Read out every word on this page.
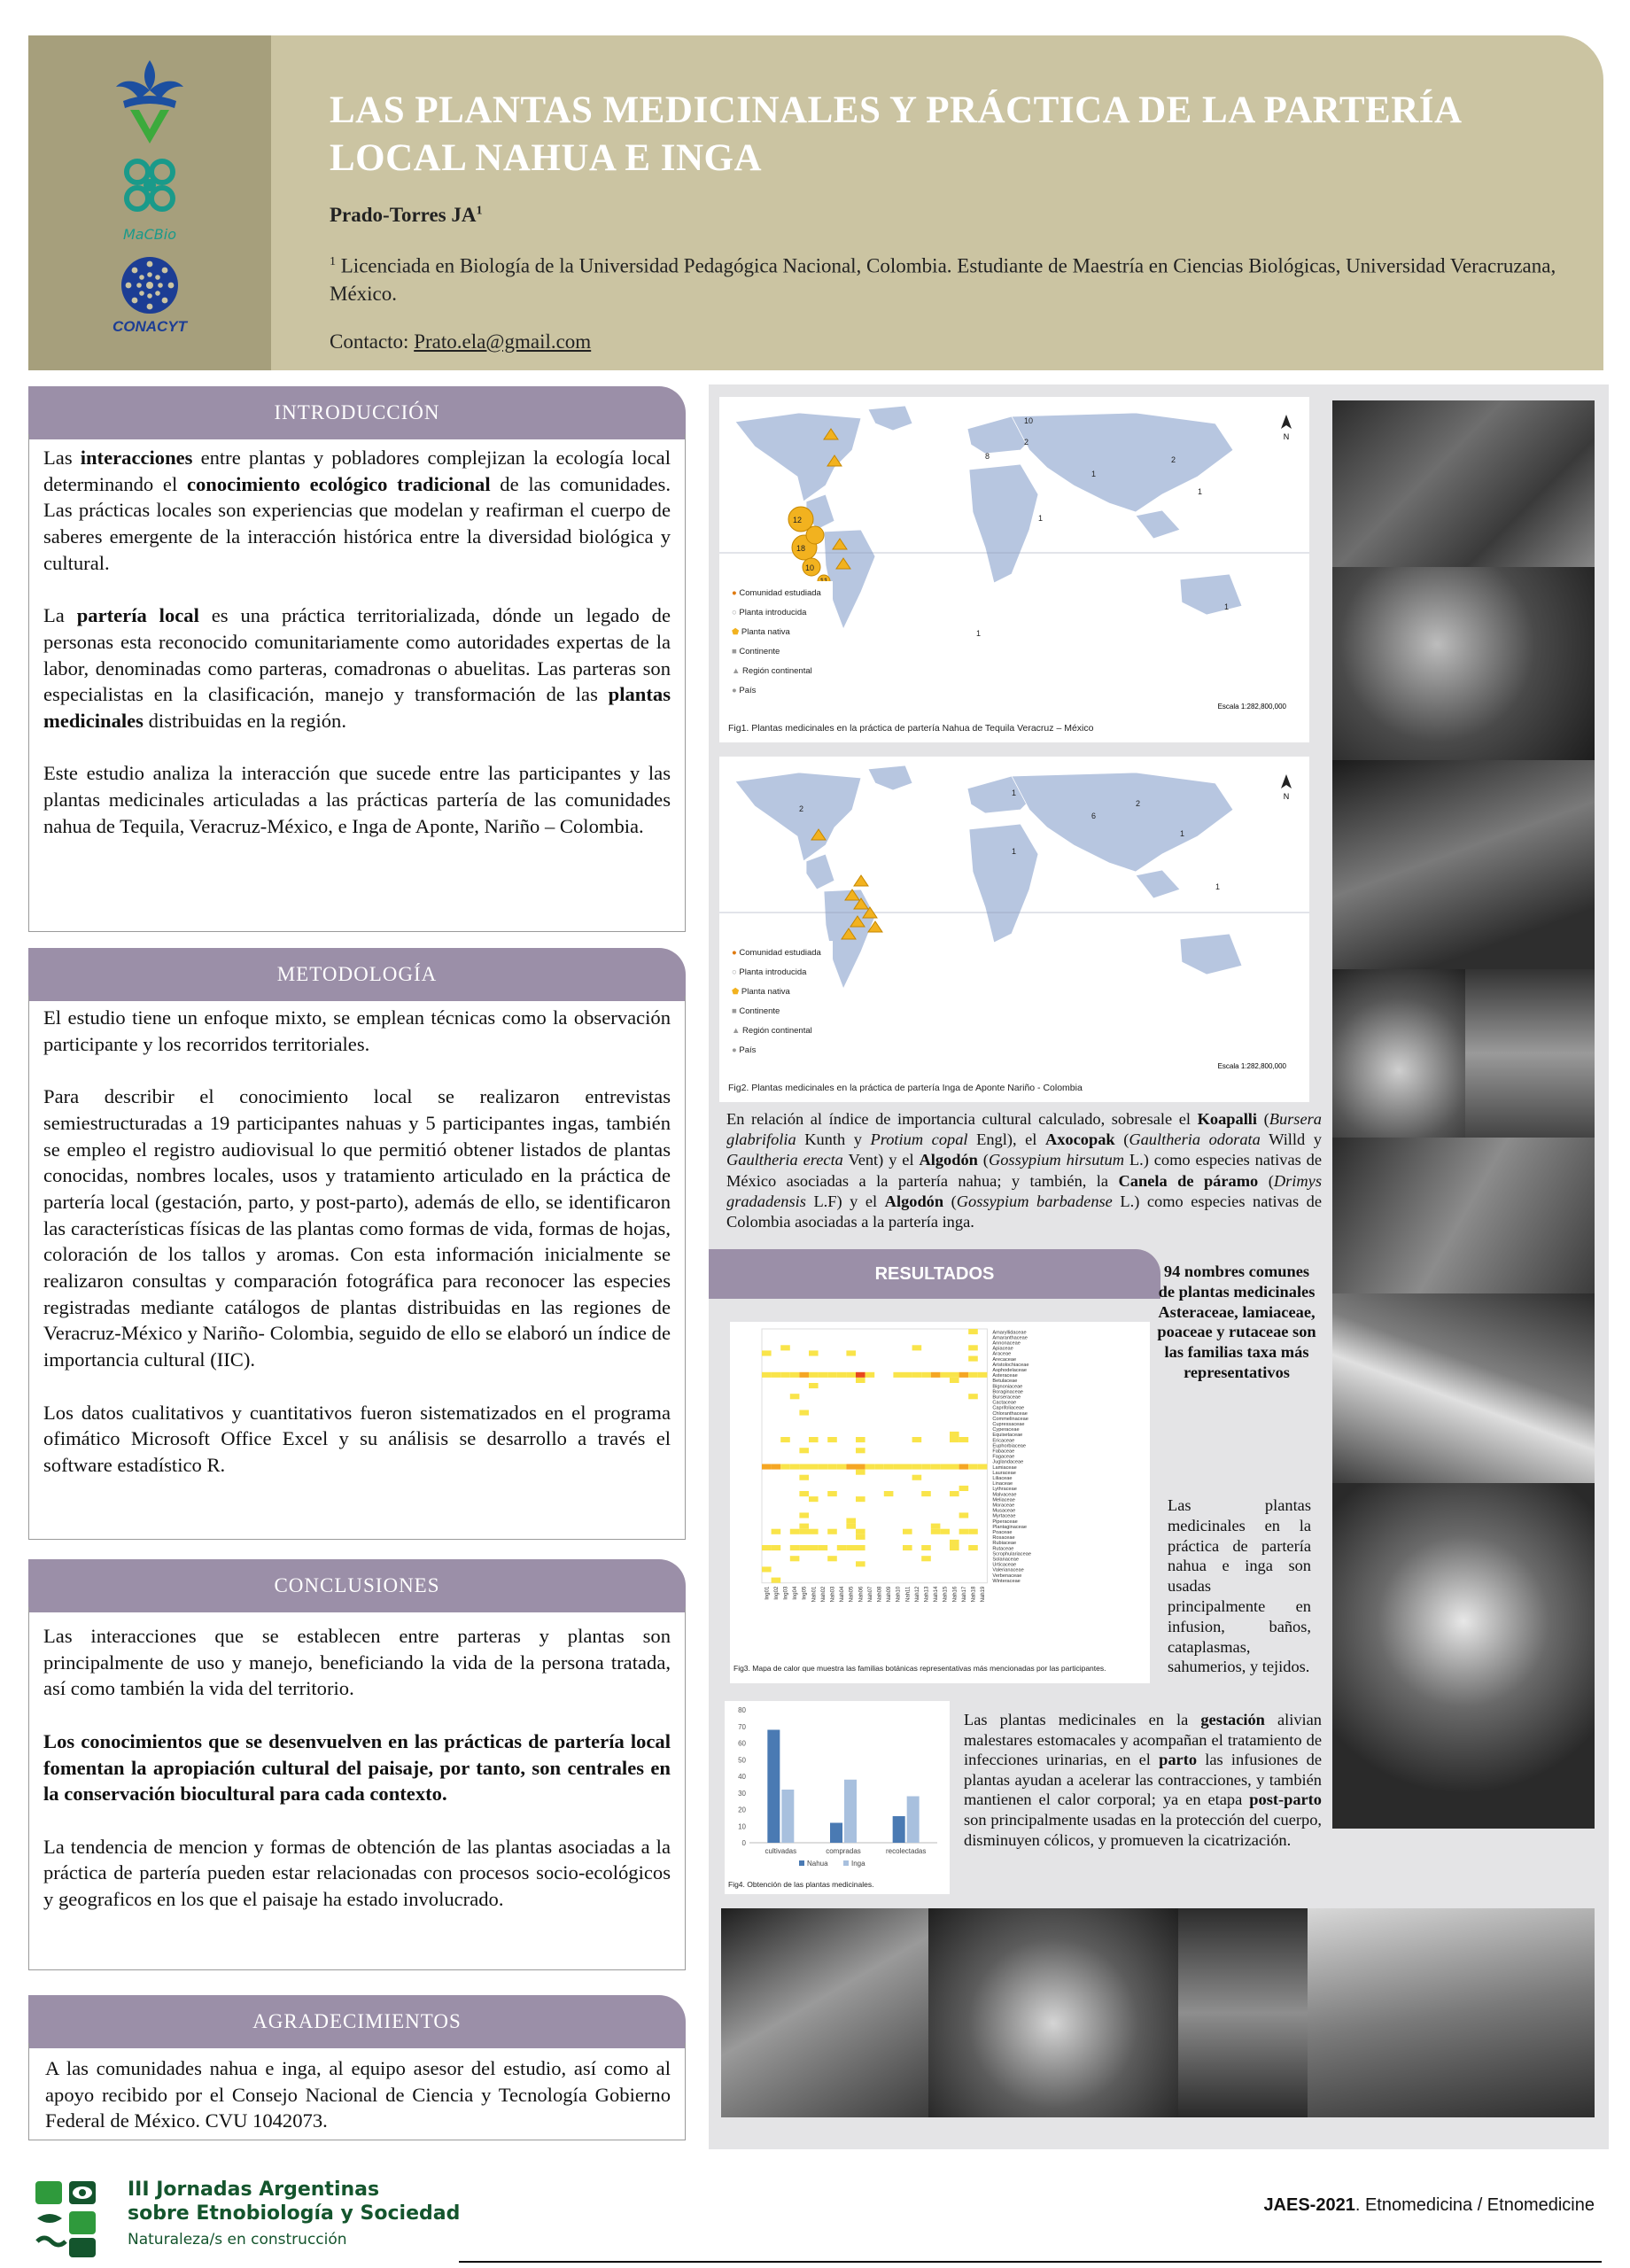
MaCBio
CONACYT
LAS PLANTAS MEDICINALES Y PRÁCTICA DE LA PARTERÍA LOCAL NAHUA E INGA
Prado-Torres $JA^1$
$^1$ Licenciada en Biología de la Universidad Pedagógica Nacional, Colombia. Estudiante de Maestría en Ciencias Biológicas, Universidad Veracruzana, México.
Contacto: Prato.ela@gmail.com
INTRODUCCIÓN

Las interacciones entre plantas y pobladores complejizan la ecología local determinando el conocimiento ecológico tradicional de las comunidades. Las prácticas locales son experiencias que modelan y reafirman el cuerpo de saberes emergente de la interacción histórica entre la diversidad biológica y cultural.

La partería local es una práctica territorializada, dónde un legado de personas esta reconocido comunitariamente como autoridades expertas de la labor, denominadas como parteras, comadronas o abuelitas. Las parteras son especialistas en la clasificación, manejo y transformación de las plantas medicinales distribuidas en la región.

Este estudio analiza la interacción que sucede entre las participantes y las plantas medicinales articuladas a las prácticas partería de las comunidades nahua de Tequila, Veracruz-México, e Inga de Aponte, Nariño – Colombia.

METODOLOGÍA

El estudio tiene un enfoque mixto, se emplean técnicas como la observación participante y los recorridos territoriales.

Para describir el conocimiento local se realizaron entrevistas semiestructuradas a 19 participantes nahuas y 5 participantes ingas, también se empleo el registro audiovisual lo que permitió obtener listados de plantas conocidas, nombres locales, usos y tratamiento articulado en la práctica de partería local (gestación, parto, y post-parto), además de ello, se identificaron las características físicas de las plantas como formas de vida, formas de hojas, coloración de los tallos y aromas. Con esta información inicialmente se realizaron consultas y comparación fotográfica para reconocer las especies registradas mediante catálogos de plantas distribuidas en las regiones de Veracruz-México y Nariño- Colombia, seguido de ello se elaboró un índice de importancia cultural (IIC).

Los datos cualitativos y cuantitativos fueron sistematizados en el programa ofimático Microsoft Office Excel y su análisis se desarrollo a través el software estadístico R.

CONCLUSIONES

Las interacciones que se establecen entre parteras y plantas son principalmente de uso y manejo, beneficiando la vida de la persona tratada, así como también la vida del territorio.

Los conocimientos que se desenvuelven en las prácticas de partería local fomentan la apropiación cultural del paisaje, por tanto, son centrales en la conservación biocultural para cada contexto.

La tendencia de mencion y formas de obtención de las plantas asociadas a la práctica de partería pueden estar relacionadas con procesos socio-ecológicos y geograficos en los que el paisaje ha estado involucrado.

AGRADECIMIENTOS

A las comunidades nahua e inga, al equipo asesor del estudio, así como al apoyo recibido por el Consejo Nacional de Ciencia y Tecnología Gobierno Federal de México. CVU 1042073.

12
18
10
10
2
8	2
1
1
1
1
1
N
Escala 1:282,800,000
● Comunidad estudiada
○ Planta introducida
⬟ Planta nativa
■ Continente
▲ Región continental
● País
Fig1. Plantas medicinales en la práctica de partería Nahua de Tequila Veracruz – México
2
1
2
6
1
1
1
N
Escala 1:282,800,000
● Comunidad estudiada
○ Planta introducida
⬟ Planta nativa
■ Continente
▲ Región continental
● País
Fig2. Plantas medicinales en la práctica de partería Inga de Aponte Nariño - Colombia
En relación al índice de importancia cultural calculado, sobresale el Koapalli (Bursera glabrifolia Kunth y Protium copal Engl), el Axocopak (Gaultheria odorata Willd y Gaultheria erecta Vent) y el Algodón (Gossypium hirsutum L.) como especies nativas de México asociadas a la partería nahua; y también, la Canela de páramo (Drimys gradadensis L.F) y el Algodón (Gossypium barbadense L.) como especies nativas de Colombia asociadas a la partería inga.
RESULTADOS
Amaryllidaceae
Amaranthaceae
Annonaceae
Apiaceae
Araceae
Arecaceae
Aristolochiaceae
Asphodelaceae
Asteraceae
Betulaceae
Bignoniaceae
Boraginaceae
Burseraceae
Cactaceae
Caprifoliaceae
Chloranthaceae
Commelinaceae
Cupressaceae
Cyperaceae
Equisetaceae
Ericaceae
Euphorbiaceae
Fabaceae
Fagaceae
Juglandaceae
Lamiaceae
Lauraceae
Liliaceae
Linaceae
Lythraceae
Malvaceae
Meliaceae
Moraceae
Musaceae
Myrtaceae
Piperaceae
Plantaginaceae
Poaceae
Rosaceae
Rubiaceae
Rutaceae
Scrophulariaceae
Solanaceae
Urticaceae
Valerianaceae
Verbenaceae
Winteraceae
Ing01 Ing02 Ing03 Ing04 Ing05 Nah01 Nah02 Nah03 Nah04 Nah05 Nah06 Nah07 Nah08 Nah09 Nah10 Nah11 Nah12 Nah13 Nah14 Nah15 Nah16 Nah17 Nah18 Nah19
Fig3. Mapa de calor que muestra las familias botánicas representativas más mencionadas por las participantes.
94 nombres comunes de plantas medicinales Asteraceae, lamiaceae, poaceae y rutaceae son las familias taxa más representativos
Las plantas medicinales en la práctica de partería nahua e inga son usadas principalmente en infusion, baños, cataplasmas, sahumerios, y tejidos.
0
10
20
30
40
50
60
70
80
cultivadas	compradas	recolectadas
Nahua	Inga
Fig4. Obtención de las plantas medicinales.
Las plantas medicinales en la gestación alivian malestares estomacales y acompañan el tratamiento de infecciones urinarias, en el parto las infusiones de plantas ayudan a acelerar las contracciones, y también mantienen el calor corporal; ya en etapa post-parto son principalmente usadas en la protección del cuerpo, disminuyen cólicos, y promueven la cicatrización.
III Jornadas Argentinas
sobre Etnobiología y Sociedad
Naturaleza/s en construcción
JAES-2021. Etnomedicina / Etnomedicine
